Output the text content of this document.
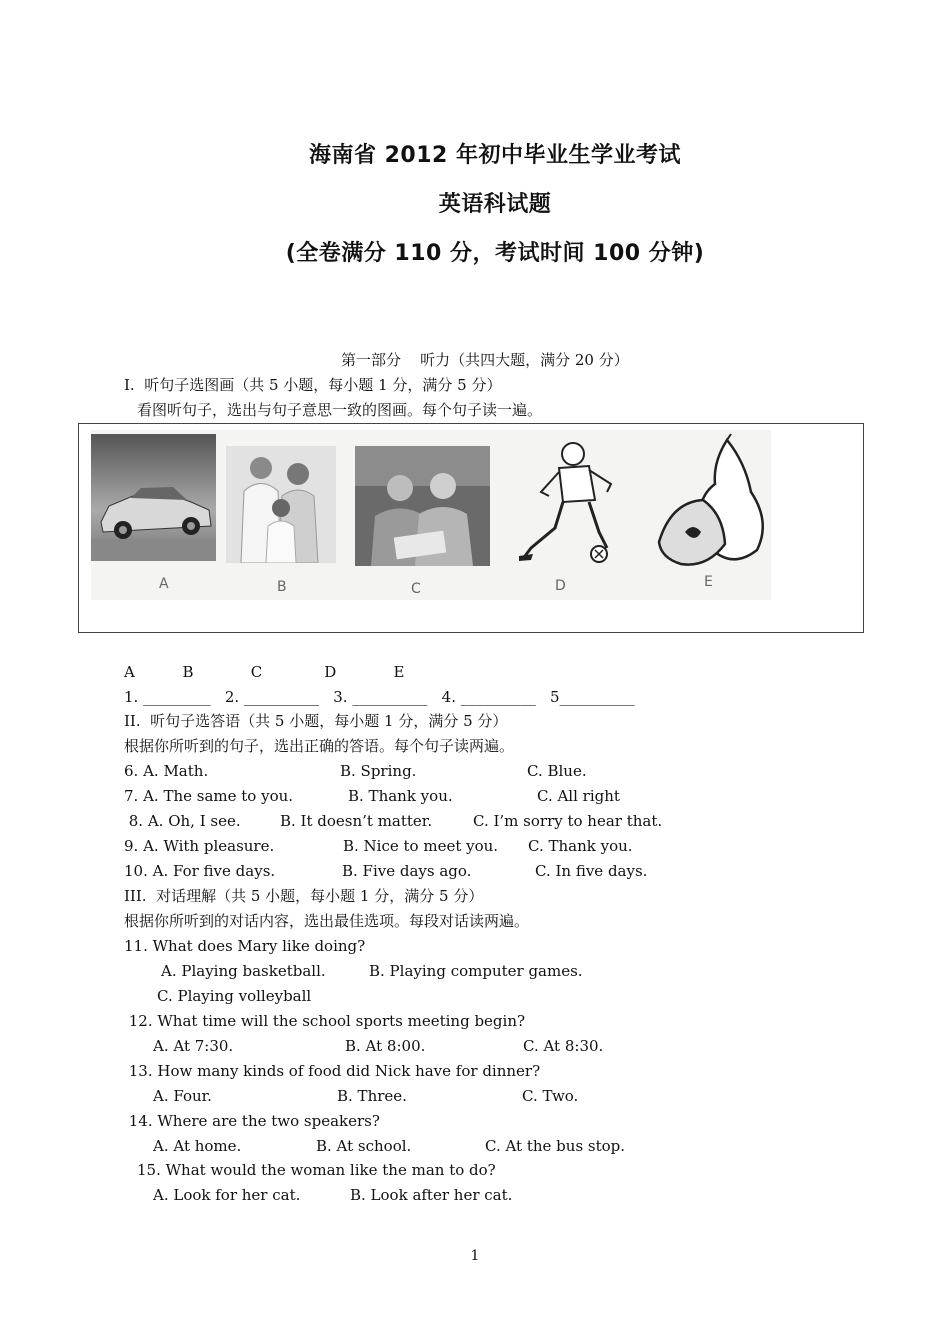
海南省 2012 年初中毕业生学业考试
英语科试题
(全卷满分 110 分，考试时间 100 分钟)
第一部分    听力（共四大题，满分 20 分）
I.  听句子选图画（共 5 小题，每小题 1 分，满分 5 分）
看图听句子，选出与句子意思一致的图画。每个句子读一遍。
A	B	C	D	E
A          B            C             D            E
1. _________   2. __________   3. __________   4. __________   5__________
II.  听句子选答语（共 5 小题，每小题 1 分，满分 5 分）
根据你所听到的句子，选出正确的答语。每个句子读两遍。
6. A. Math.	B. Spring.	C. Blue.
7. A. The same to you.	B. Thank you.	C. All right
8. A. Oh, I see.	B. It doesn’t matter.	C. I’m sorry to hear that.
9. A. With pleasure.	B. Nice to meet you. C. Thank you.
10. A. For five days.	B. Five days ago.	C. In five days.
III.  对话理解（共 5 小题，每小题 1 分，满分 5 分）
根据你所听到的对话内容，选出最佳选项。每段对话读两遍。
11. What does Mary like doing?
A. Playing basketball.	B. Playing computer games.
C. Playing volleyball
12. What time will the school sports meeting begin?
A. At 7:30.	B. At 8:00.	C. At 8:30.
13. How many kinds of food did Nick have for dinner?
A. Four.	B. Three.	C. Two.
14. Where are the two speakers?
A. At home.	B. At school.	C. At the bus stop.
15. What would the woman like the man to do?
A. Look for her cat.	B. Look after her cat.
1
